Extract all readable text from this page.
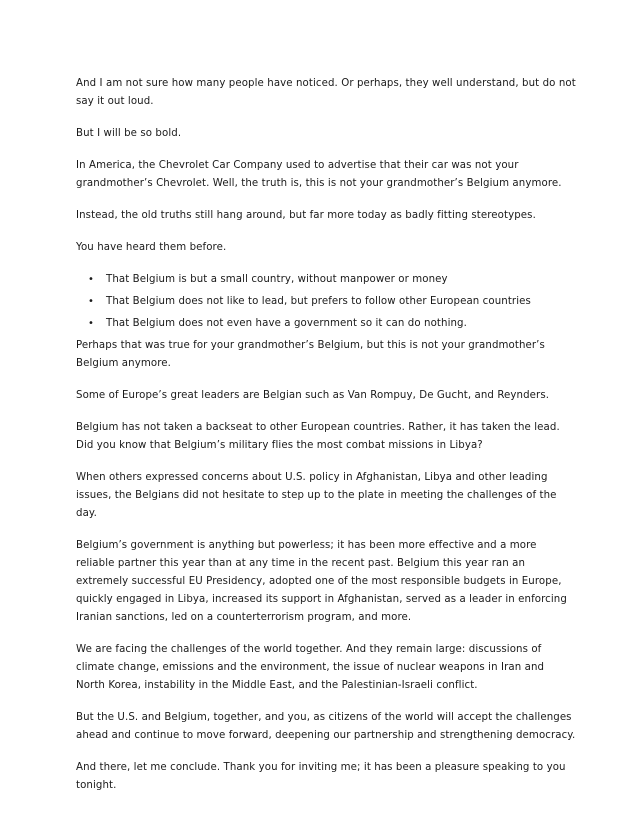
And I am not sure how many people have noticed. Or perhaps, they well understand, but do not say it out loud.

But I will be so bold.

In America, the Chevrolet Car Company used to advertise that their car was not your grandmother’s Chevrolet. Well, the truth is, this is not your grandmother’s Belgium anymore.

Instead, the old truths still hang around, but far more today as badly fitting stereotypes.

You have heard them before.

• That Belgium is but a small country, without manpower or money
• That Belgium does not like to lead, but prefers to follow other European countries
• That Belgium does not even have a government so it can do nothing.

Perhaps that was true for your grandmother’s Belgium, but this is not your grandmother’s Belgium anymore.

Some of Europe’s great leaders are Belgian such as Van Rompuy, De Gucht, and Reynders.

Belgium has not taken a backseat to other European countries. Rather, it has taken the lead. Did you know that Belgium’s military flies the most combat missions in Libya?

When others expressed concerns about U.S. policy in Afghanistan, Libya and other leading issues, the Belgians did not hesitate to step up to the plate in meeting the challenges of the day.

Belgium’s government is anything but powerless; it has been more effective and a more reliable partner this year than at any time in the recent past. Belgium this year ran an extremely successful EU Presidency, adopted one of the most responsible budgets in Europe, quickly engaged in Libya, increased its support in Afghanistan, served as a leader in enforcing Iranian sanctions, led on a counterterrorism program, and more.

We are facing the challenges of the world together. And they remain large: discussions of climate change, emissions and the environment, the issue of nuclear weapons in Iran and North Korea, instability in the Middle East, and the Palestinian-Israeli conflict.

But the U.S. and Belgium, together, and you, as citizens of the world will accept the challenges ahead and continue to move forward, deepening our partnership and strengthening democracy.

And there, let me conclude. Thank you for inviting me; it has been a pleasure speaking to you tonight.
